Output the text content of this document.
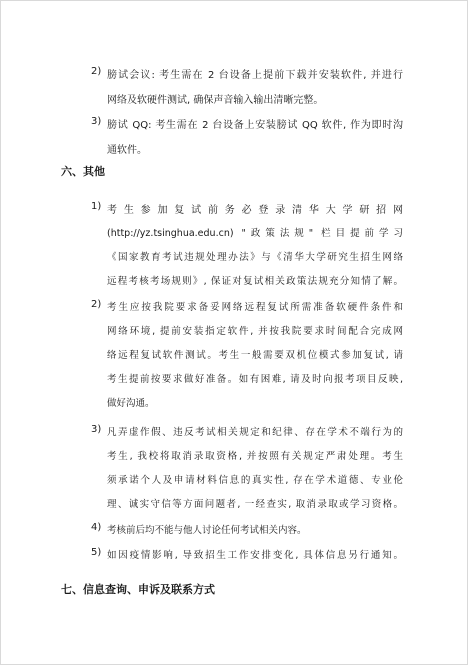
2) 膀试会议: 考生需在 2 台设备上提前下载并安装软件, 并进行
网络及软硬件测试, 确保声音输入输出清晰完整。
3) 膀试 QQ: 考生需在 2 台设备上安装膀试 QQ 软件, 作为即时沟
通软件。
六、其他
1) 考 生 参 加 复 试 前 务 必 登 录 清 华 大 学 研 招 网
(http://yz.tsinghua.edu.cn) "政策法规" 栏目提前学习
《国家教育考试违规处理办法》与《清华大学研究生招生网络
远程考核考场规则》, 保证对复试相关政策法规充分知情了解。
2) 考生应按我院要求备妥网络远程复试所需准备软硬件条件和
网络环境, 提前安装指定软件, 并按我院要求时间配合完成网
络远程复试软件测试。考生一般需要双机位模式参加复试, 请
考生提前按要求做好准备。如有困难, 请及时向报考项目反映,
做好沟通。
3) 凡弄虚作假、违反考试相关规定和纪律、存在学术不端行为的
考生, 我校将取消录取资格, 并按照有关规定严肃处理。考生
须承诺个人及申请材料信息的真实性, 存在学术道德、专业伦
理、诚实守信等方面问题者, 一经查实, 取消录取或学习资格。
4) 考核前后均不能与他人讨论任何考试相关内容。
5) 如因疫情影响, 导致招生工作安排变化, 具体信息另行通知。
七、信息查询、申诉及联系方式
